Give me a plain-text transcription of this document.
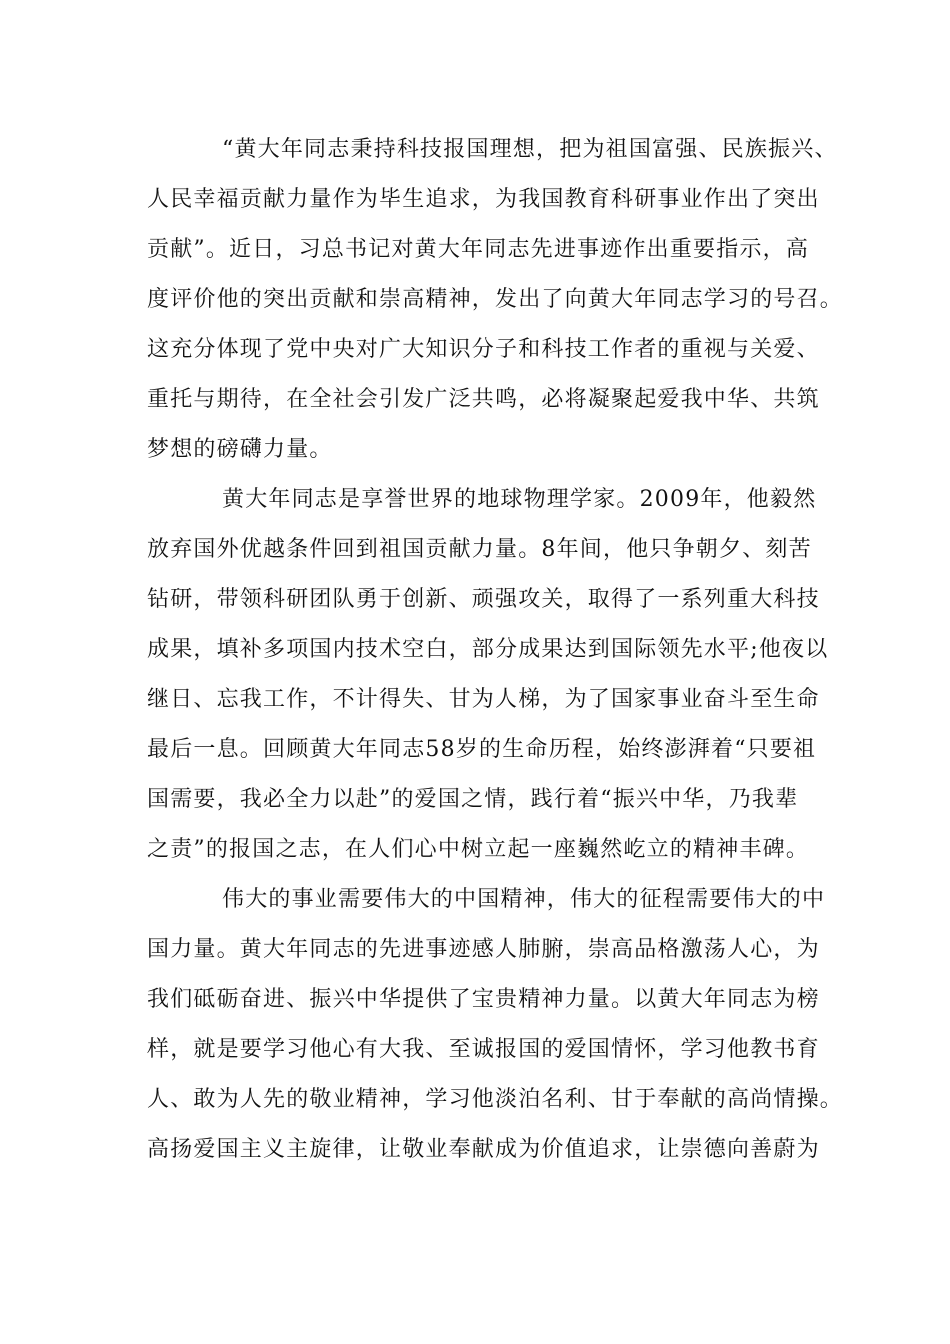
“黄大年同志秉持科技报国理想，把为祖国富强、民族振兴、
人民幸福贡献力量作为毕生追求，为我国教育科研事业作出了突出
贡献”。近日，习总书记对黄大年同志先进事迹作出重要指示，高
度评价他的突出贡献和崇高精神，发出了向黄大年同志学习的号召。
这充分体现了党中央对广大知识分子和科技工作者的重视与关爱、
重托与期待，在全社会引发广泛共鸣，必将凝聚起爱我中华、共筑
梦想的磅礴力量。
黄大年同志是享誉世界的地球物理学家。2009年，他毅然
放弃国外优越条件回到祖国贡献力量。8年间，他只争朝夕、刻苦
钻研，带领科研团队勇于创新、顽强攻关，取得了一系列重大科技
成果，填补多项国内技术空白，部分成果达到国际领先水平;他夜以
继日、忘我工作，不计得失、甘为人梯，为了国家事业奋斗至生命
最后一息。回顾黄大年同志58岁的生命历程，始终澎湃着“只要祖
国需要，我必全力以赴”的爱国之情，践行着“振兴中华，乃我辈
之责”的报国之志，在人们心中树立起一座巍然屹立的精神丰碑。
伟大的事业需要伟大的中国精神，伟大的征程需要伟大的中
国力量。黄大年同志的先进事迹感人肺腑，崇高品格激荡人心，为
我们砥砺奋进、振兴中华提供了宝贵精神力量。以黄大年同志为榜
样，就是要学习他心有大我、至诚报国的爱国情怀，学习他教书育
人、敢为人先的敬业精神，学习他淡泊名利、甘于奉献的高尚情操。
高扬爱国主义主旋律，让敬业奉献成为价值追求，让崇德向善蔚为
